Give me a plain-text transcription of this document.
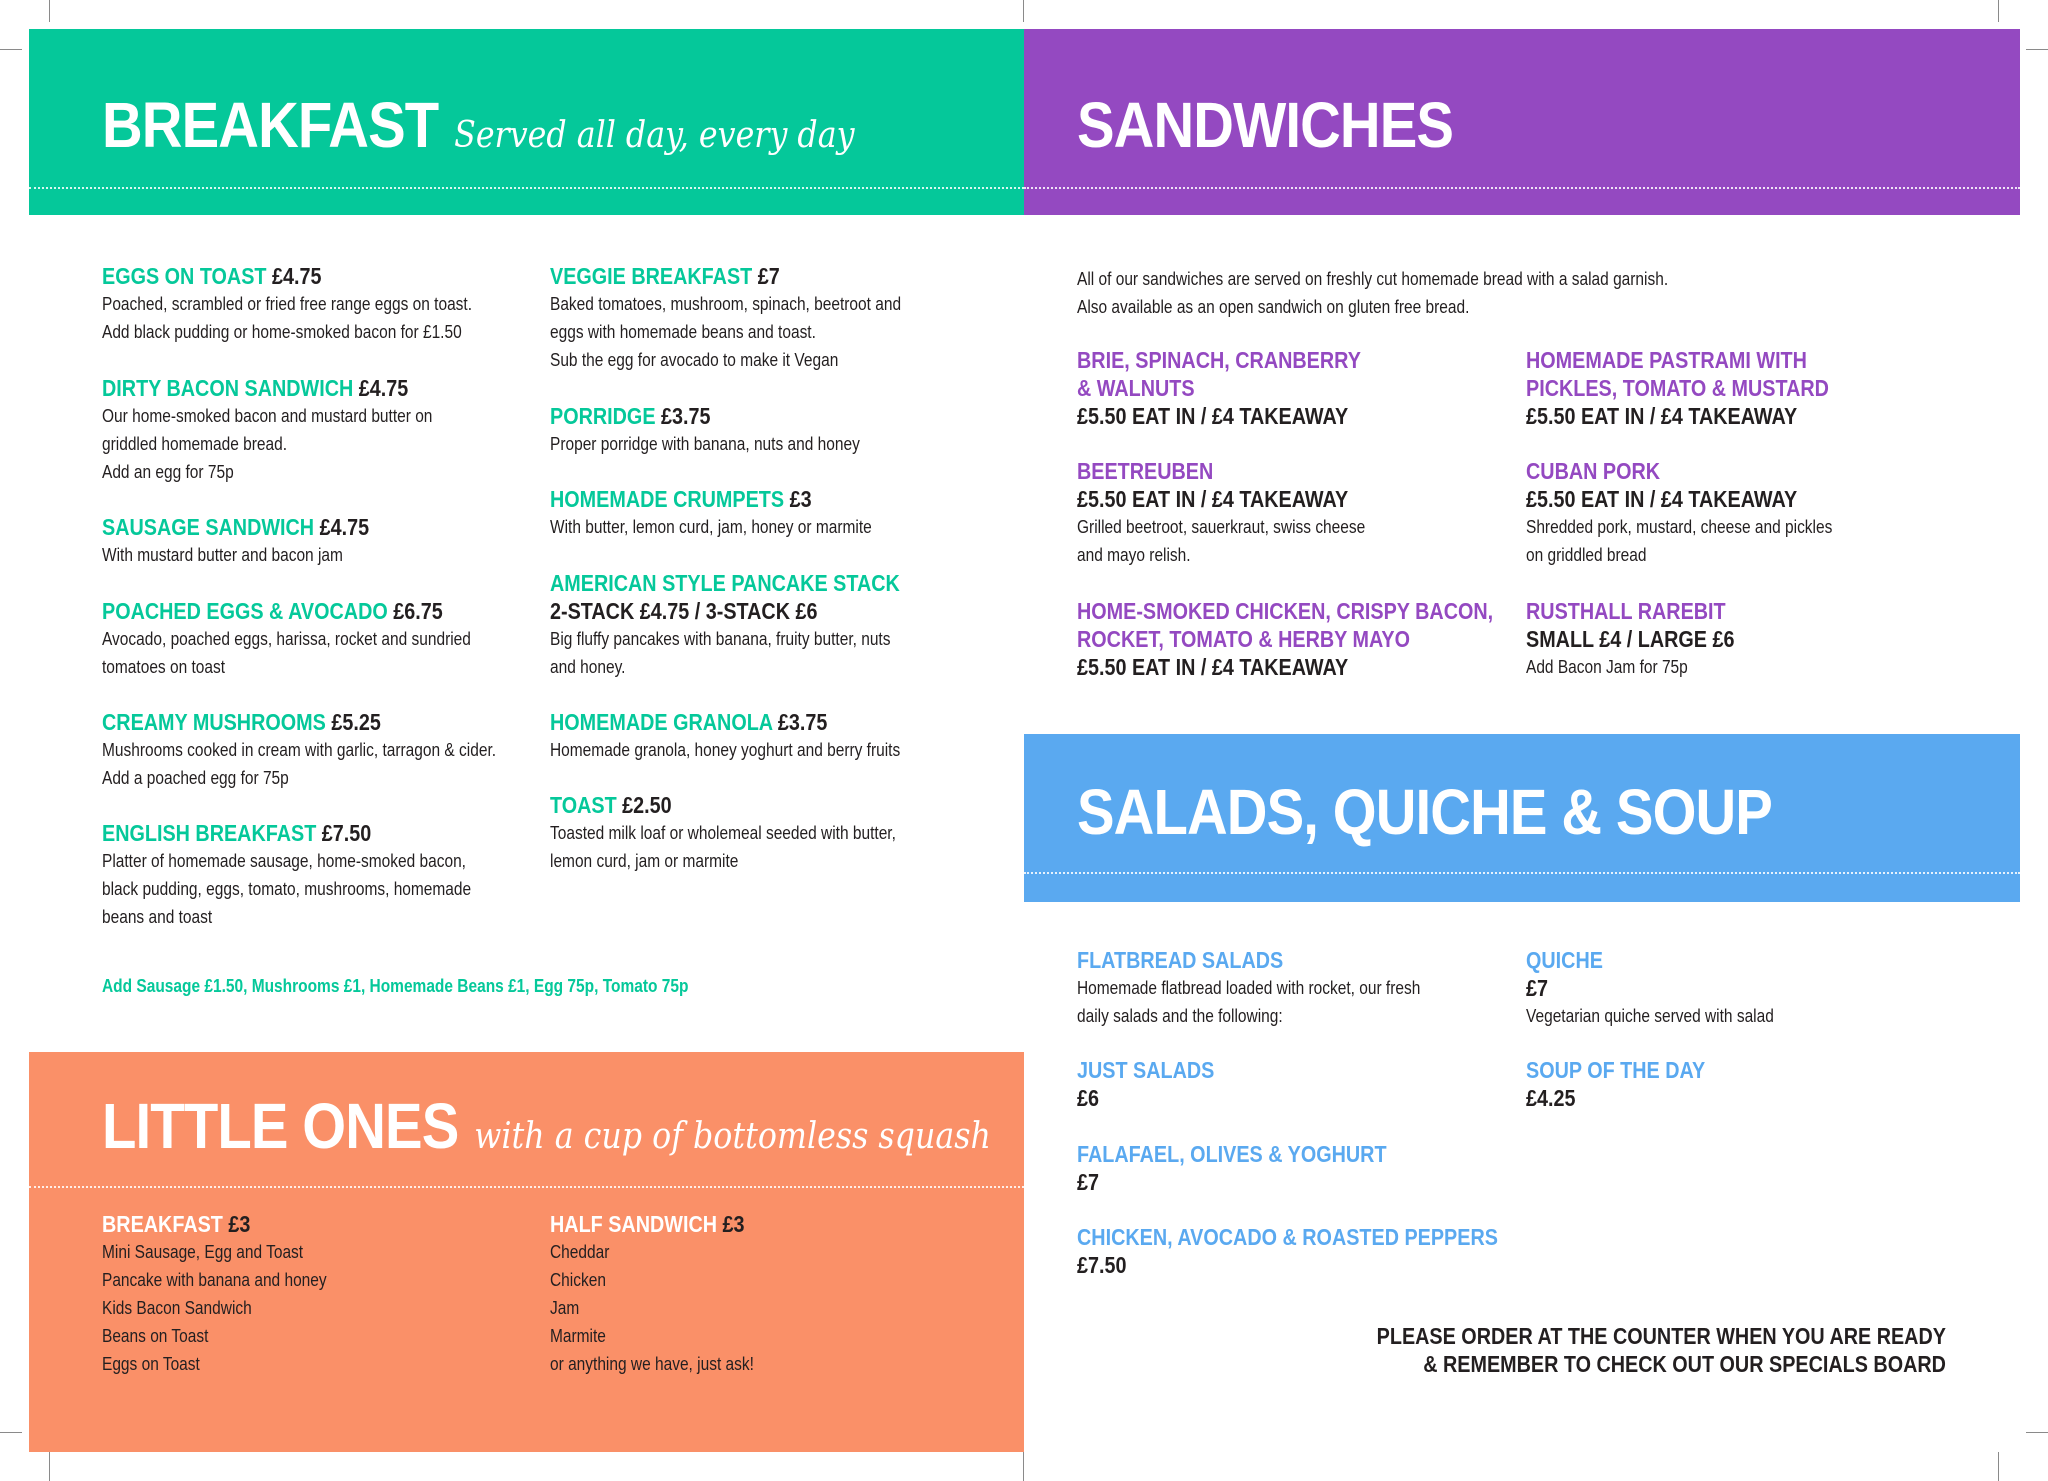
BREAKFAST Served all day, every day	SANDWICHES
SALADS, QUICHE & SOUP
LITTLE ONES with a cup of bottomless squash
EGGS ON TOAST £4.75
Poached, scrambled or fried free range eggs on toast.
Add black pudding or home-smoked bacon for £1.50
DIRTY BACON SANDWICH £4.75
Our home-smoked bacon and mustard butter on
griddled homemade bread.
Add an egg for 75p
SAUSAGE SANDWICH £4.75
With mustard butter and bacon jam
POACHED EGGS & AVOCADO £6.75
Avocado, poached eggs, harissa, rocket and sundried
tomatoes on toast
CREAMY MUSHROOMS £5.25
Mushrooms cooked in cream with garlic, tarragon & cider.
Add a poached egg for 75p
ENGLISH BREAKFAST £7.50
Platter of homemade sausage, home-smoked bacon,
black pudding, eggs, tomato, mushrooms, homemade
beans and toast
VEGGIE BREAKFAST £7
Baked tomatoes, mushroom, spinach, beetroot and
eggs with homemade beans and toast.
Sub the egg for avocado to make it Vegan
PORRIDGE £3.75
Proper porridge with banana, nuts and honey
HOMEMADE CRUMPETS £3
With butter, lemon curd, jam, honey or marmite
AMERICAN STYLE PANCAKE STACK
2-STACK £4.75 / 3-STACK £6
Big fluffy pancakes with banana, fruity butter, nuts
and honey.
HOMEMADE GRANOLA £3.75
Homemade granola, honey yoghurt and berry fruits
TOAST £2.50
Toasted milk loaf or wholemeal seeded with butter,
lemon curd, jam or marmite
Add Sausage £1.50, Mushrooms £1, Homemade Beans £1, Egg 75p, Tomato 75p
BREAKFAST £3
Mini Sausage, Egg and Toast
Pancake with banana and honey
Kids Bacon Sandwich
Beans on Toast
Eggs on Toast
HALF SANDWICH £3
Cheddar
Chicken
Jam
Marmite
or anything we have, just ask!
All of our sandwiches are served on freshly cut homemade bread with a salad garnish.
Also available as an open sandwich on gluten free bread.
BRIE, SPINACH, CRANBERRY
& WALNUTS
£5.50 EAT IN / £4 TAKEAWAY
BEETREUBEN
£5.50 EAT IN / £4 TAKEAWAY
Grilled beetroot, sauerkraut, swiss cheese
and mayo relish.
HOME-SMOKED CHICKEN, CRISPY BACON,
ROCKET, TOMATO & HERBY MAYO
£5.50 EAT IN / £4 TAKEAWAY
HOMEMADE PASTRAMI WITH
PICKLES, TOMATO & MUSTARD
£5.50 EAT IN / £4 TAKEAWAY
CUBAN PORK
£5.50 EAT IN / £4 TAKEAWAY
Shredded pork, mustard, cheese and pickles
on griddled bread
RUSTHALL RAREBIT
SMALL £4 / LARGE £6
Add Bacon Jam for 75p
FLATBREAD SALADS
Homemade flatbread loaded with rocket, our fresh
daily salads and the following:
JUST SALADS
£6
FALAFAEL, OLIVES & YOGHURT
£7
CHICKEN, AVOCADO & ROASTED PEPPERS
£7.50
QUICHE
£7
Vegetarian quiche served with salad
SOUP OF THE DAY
£4.25
PLEASE ORDER AT THE COUNTER WHEN YOU ARE READY
& REMEMBER TO CHECK OUT OUR SPECIALS BOARD
